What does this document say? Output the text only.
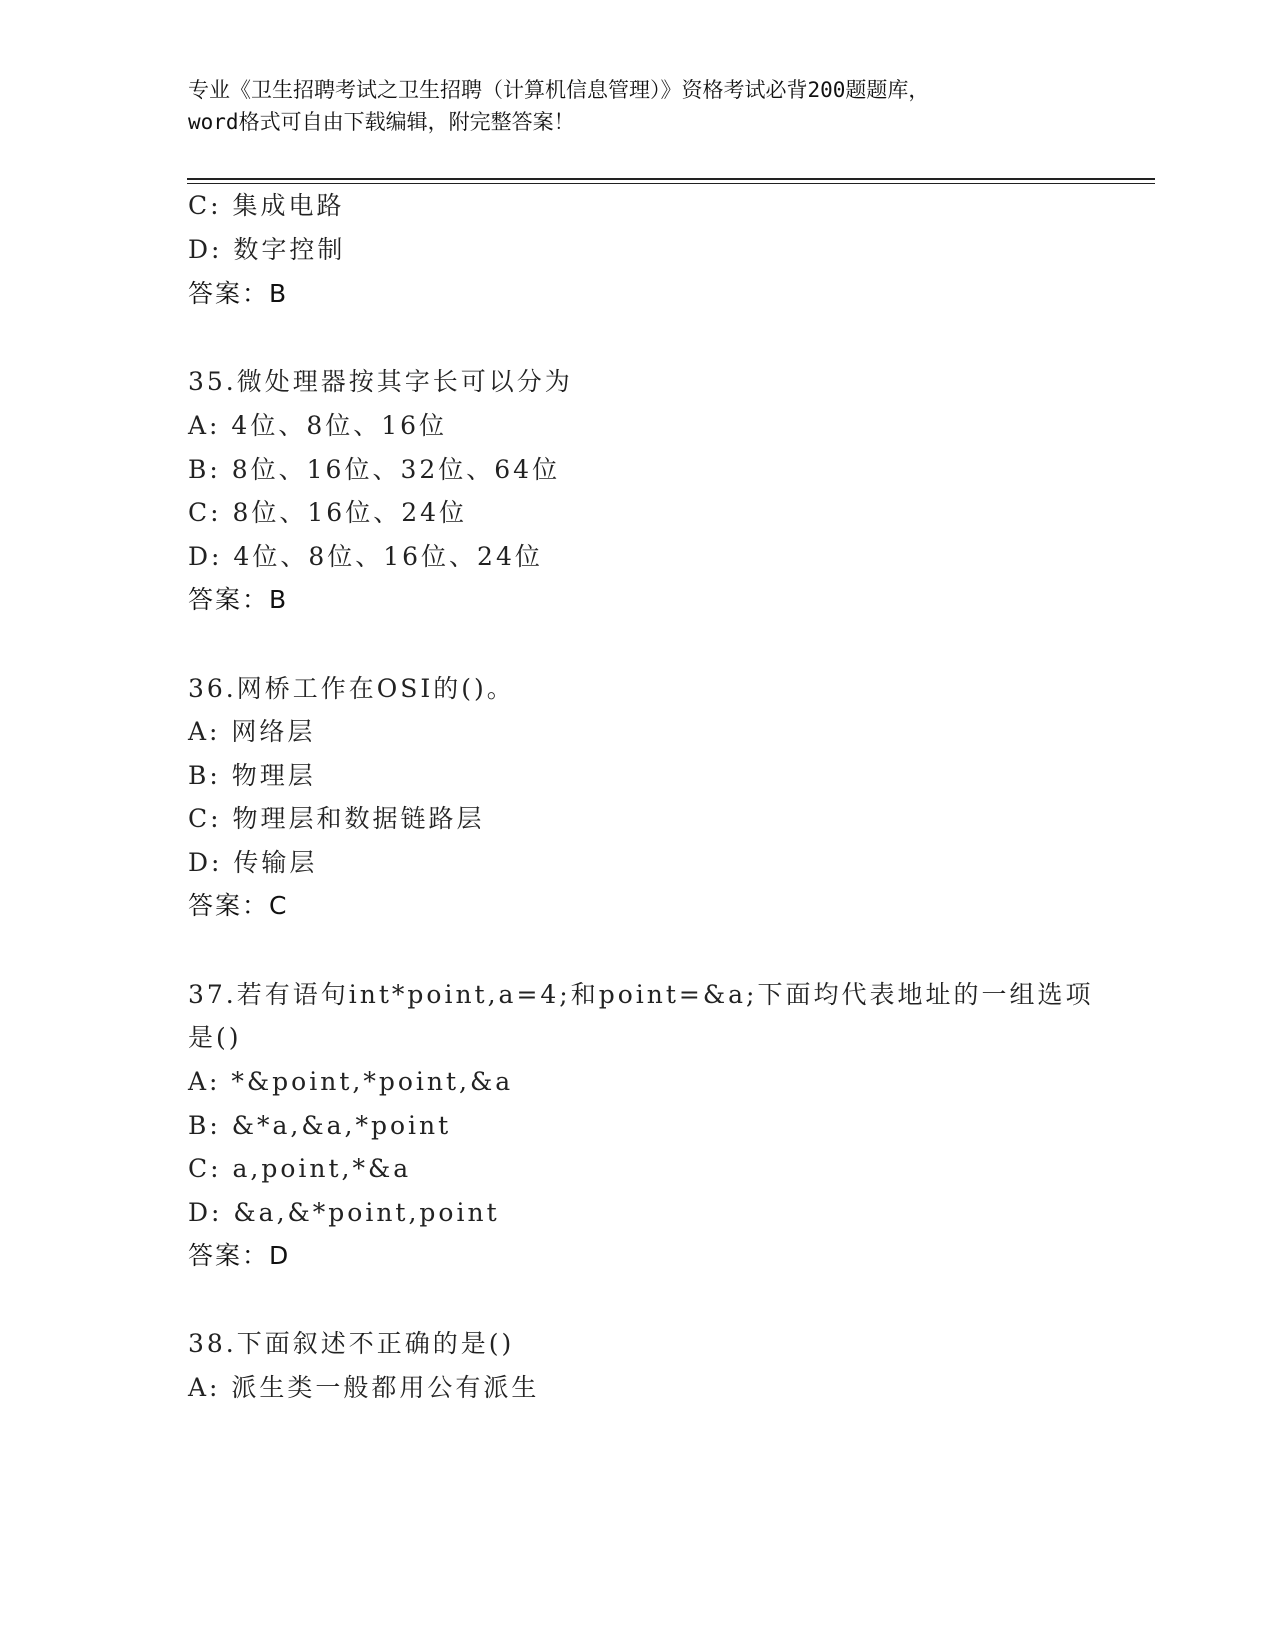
专业《卫生招聘考试之卫生招聘（计算机信息管理）》资格考试必背200题题库，
word格式可自由下载编辑，附完整答案！
C: 集成电路
D: 数字控制
答案：B
35.微处理器按其字长可以分为
A: 4位、8位、16位
B: 8位、16位、32位、64位
C: 8位、16位、24位
D: 4位、8位、16位、24位
答案：B
36.网桥工作在OSI的()。
A: 网络层
B: 物理层
C: 物理层和数据链路层
D: 传输层
答案：C
37.若有语句int*point,a=4;和point=&a;下面均代表地址的一组选项
是()
A: *&point,*point,&a
B: &*a,&a,*point
C: a,point,*&a
D: &a,&*point,point
答案：D
38.下面叙述不正确的是()
A: 派生类一般都用公有派生
